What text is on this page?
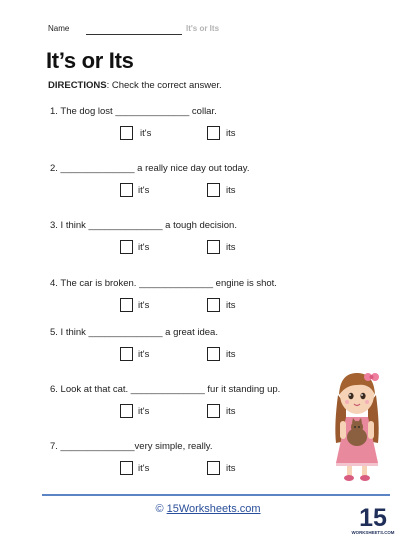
Name	It's or Its
It’s or Its
DIRECTIONS: Check the correct answer.
1. The dog lost ______________ collar.
it's	its
2. ______________ a really nice day out today.
it's	its
3. I think ______________ a tough decision.
it's	its
4. The car is broken. ______________ engine is shot.
it's	its
5. I think ______________ a great idea.
it's	its
6. Look at that cat. ______________ fur it standing up.
it's	its
7. ______________very simple, really.
it's	its
© 15Worksheets.com	15
WORKSHEETS.COM
